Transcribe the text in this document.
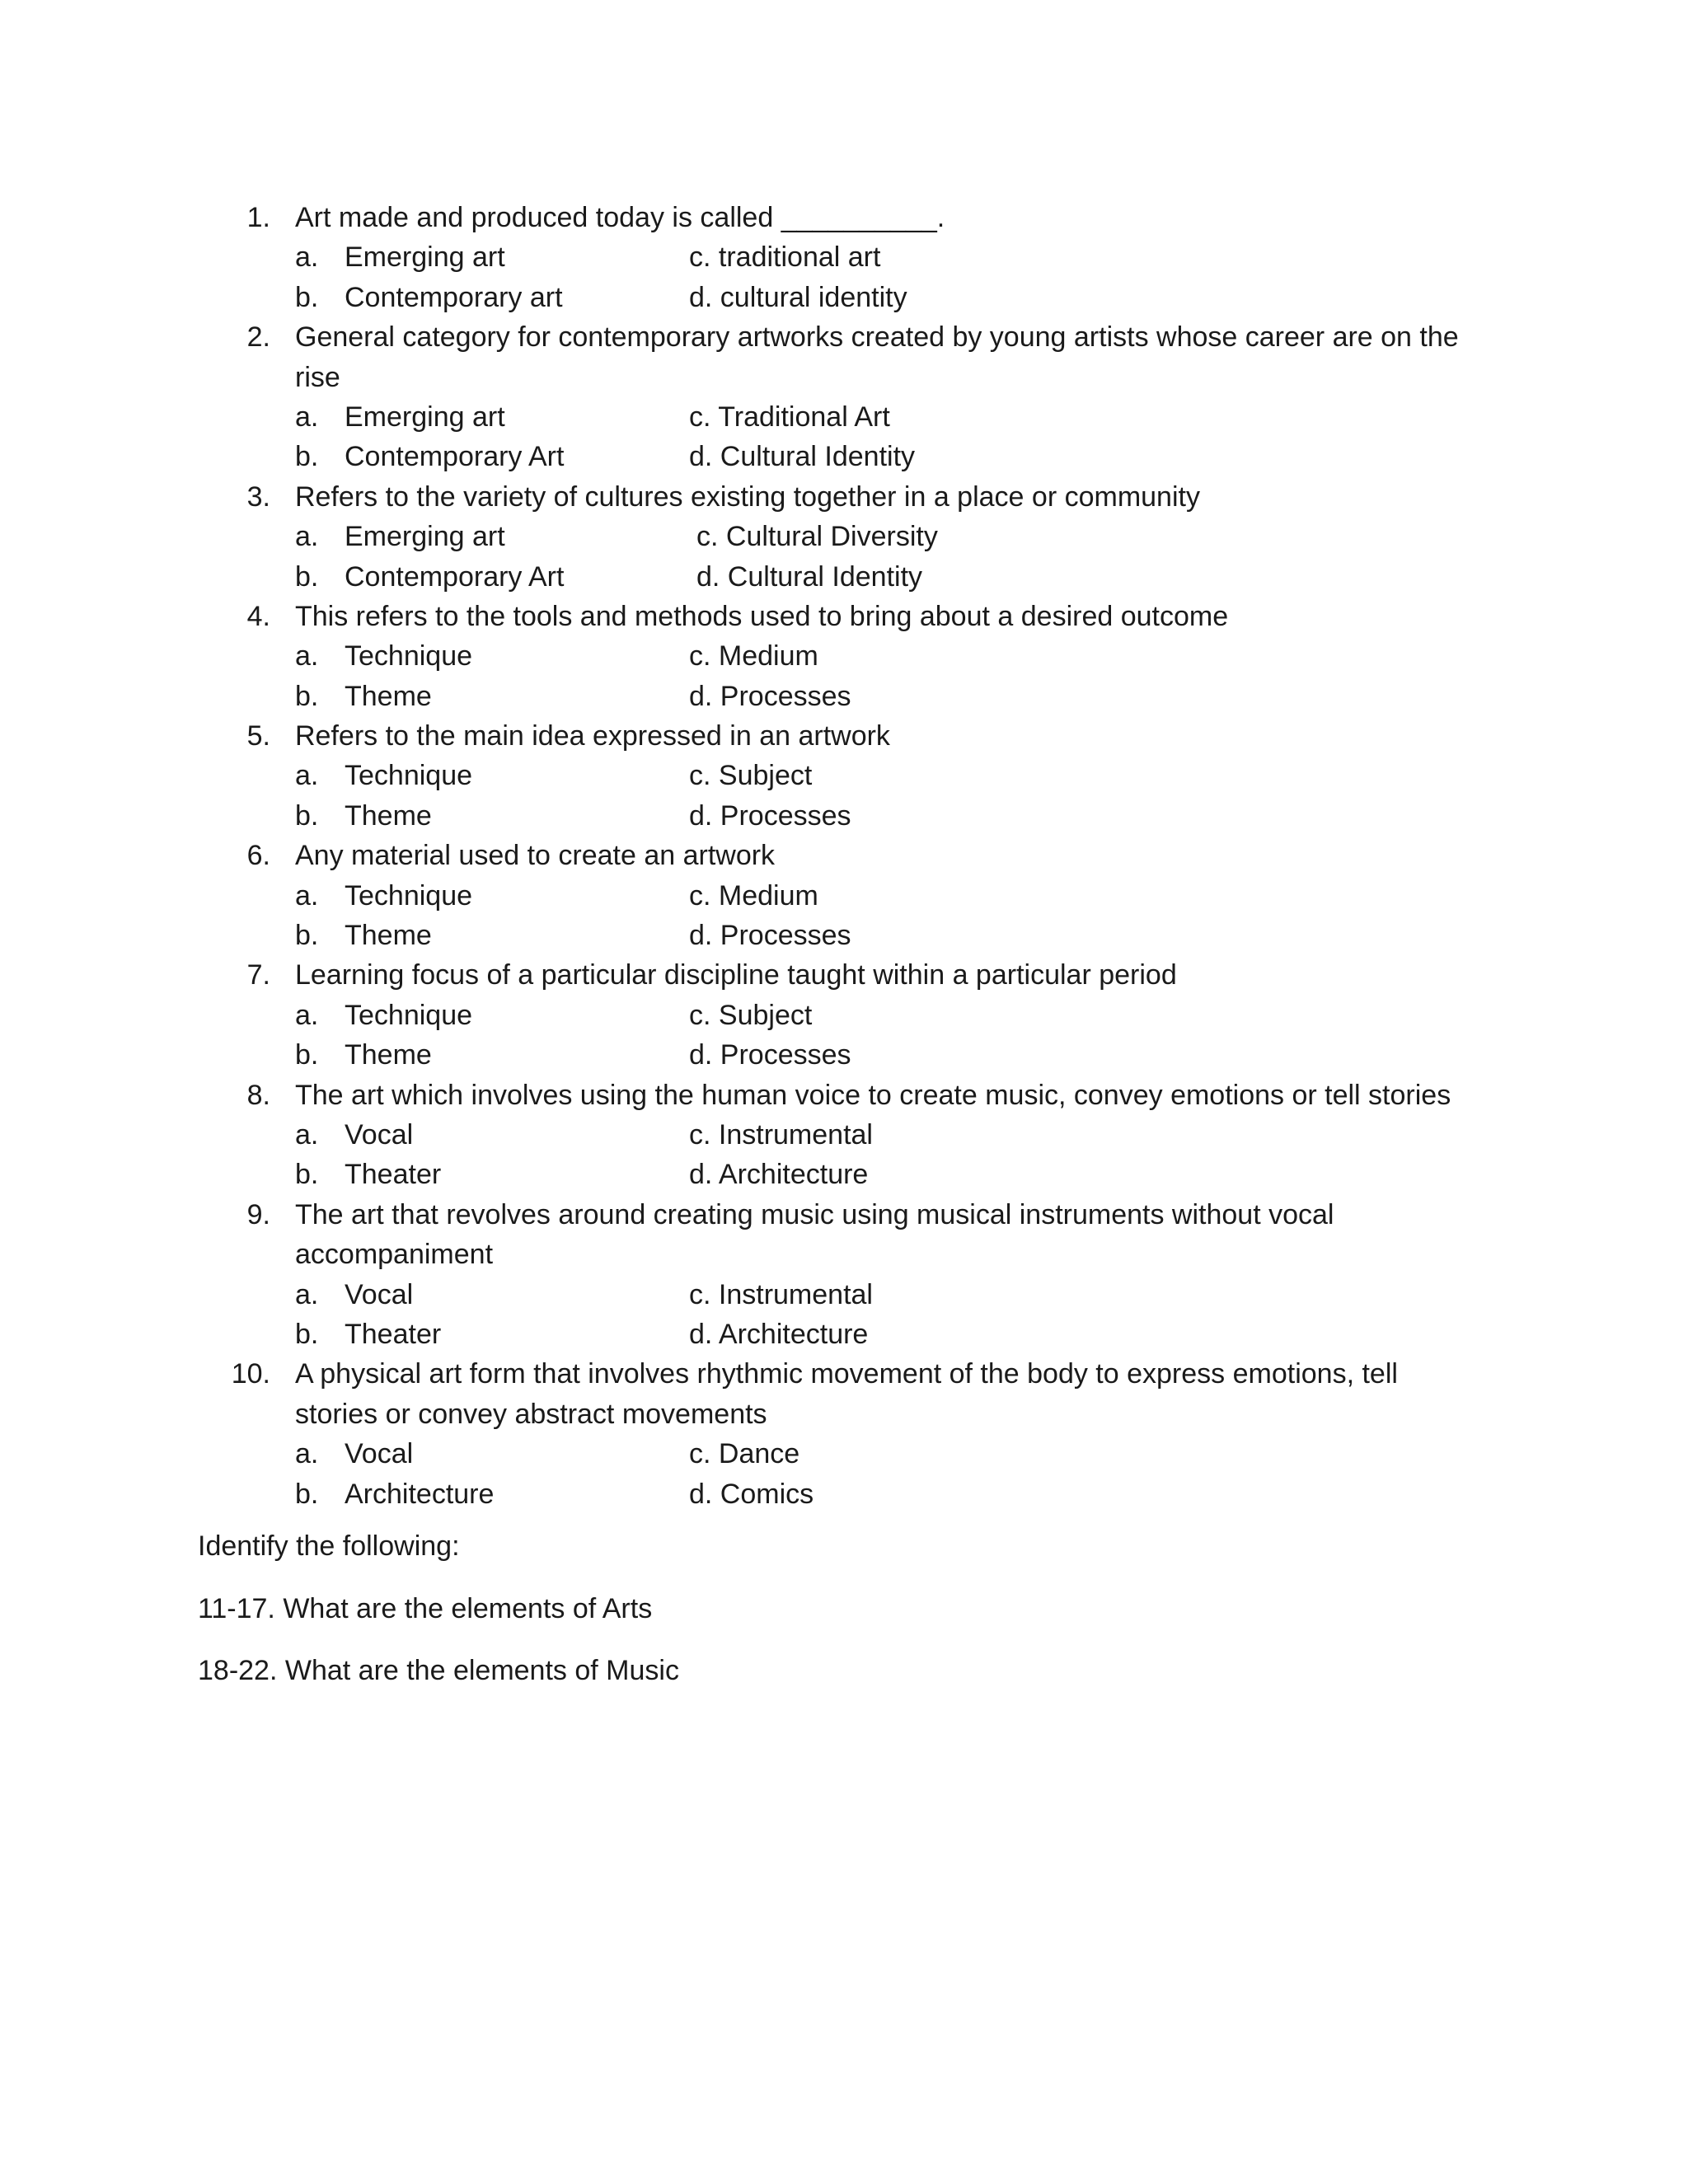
1. Art made and produced today is called __________.
a. Emerging art	c. traditional art
b. Contemporary art	d. cultural identity
2. General category for contemporary artworks created by young artists whose career are on the
rise
a. Emerging art	c. Traditional Art
b. Contemporary Art	d. Cultural Identity
3. Refers to the variety of cultures existing together in a place or community
a. Emerging art	c. Cultural Diversity
b. Contemporary Art	d. Cultural Identity
4. This refers to the tools and methods used to bring about a desired outcome
a. Technique	c. Medium
b. Theme	d. Processes
5. Refers to the main idea expressed in an artwork
a. Technique	c. Subject
b. Theme	d. Processes
6. Any material used to create an artwork
a. Technique	c. Medium
b. Theme	d. Processes
7. Learning focus of a particular discipline taught within a particular period
a. Technique	c. Subject
b. Theme	d. Processes
8. The art which involves using the human voice to create music, convey emotions or tell stories
a. Vocal	c. Instrumental
b. Theater	d. Architecture
9. The art that revolves around creating music using musical instruments without vocal
accompaniment
a. Vocal	c. Instrumental
b. Theater	d. Architecture
10. A physical art form that involves rhythmic movement of the body to express emotions, tell
stories or convey abstract movements
a. Vocal	c. Dance
b. Architecture	d. Comics
Identify the following:
11-17. What are the elements of Arts
18-22. What are the elements of Music
